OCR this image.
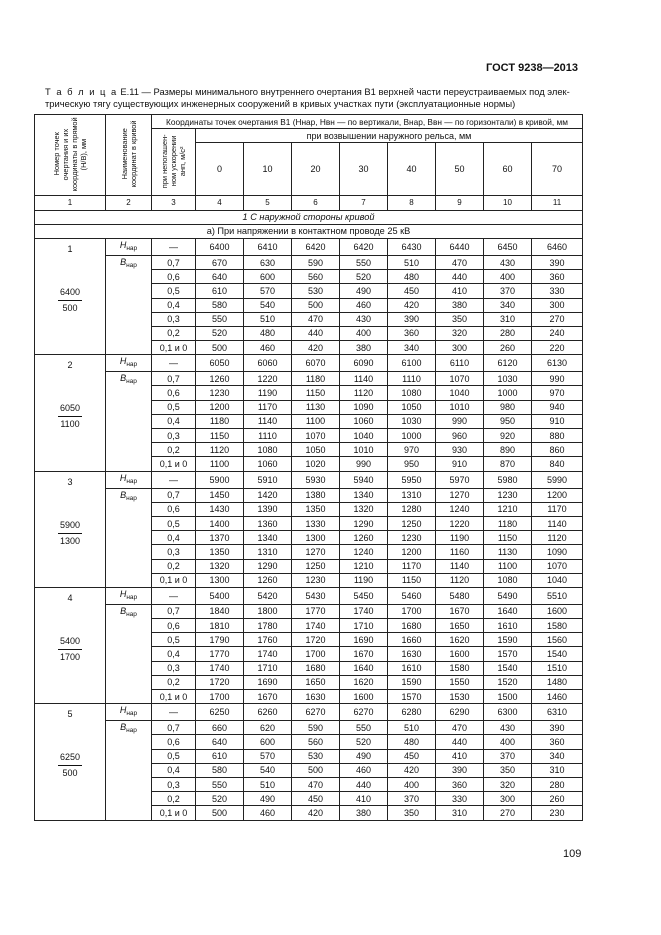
ГОСТ 9238—2013
Т а б л и ц а Е.11 — Размеры минимального внутреннего очертания В1 верхней части переустраиваемых под элек-трическую тягу существующих инженерных сооружений в кривых участках пути (эксплуатационные нормы)
Номер точек очертания и их координаты в прямой (H/B), мм	Наименование координат в кривой	Координаты точек очертания В1 (Hнар, Hвн — по вертикали, Bнар, Bвн — по горизонтали) в кривой, мм								
		при непогашен-ном ускорении aнп, м/с²	при возвышении наружного рельса, мм							
			0	10	20	30	40	50	60	70
1	2	3	4	5	6	7	8	9	10	11
1 С наружной стороны кривой										
а) При напряжении в контактном проводе 25 кВ										

1
$\frac{6400}{500}$	$H_{нар}$	—	6400	6410	6420	6420	6430	6440	6450	6460
	$B_{нар}$	0,7	670	630	590	550	510	470	430	390
		0,6	640	600	560	520	480	440	400	360
		0,5	610	570	530	490	450	410	370	330
		0,4	580	540	500	460	420	380	340	300
		0,3	550	510	470	430	390	350	310	270
		0,2	520	480	440	400	360	320	280	240
		0,1 и 0	500	460	420	380	340	300	260	220

2
$\frac{6050}{1100}$	$H_{нар}$	—	6050	6060	6070	6090	6100	6110	6120	6130
	$B_{нар}$	0,7	1260	1220	1180	1140	1110	1070	1030	990
		0,6	1230	1190	1150	1120	1080	1040	1000	970
		0,5	1200	1170	1130	1090	1050	1010	980	940
		0,4	1180	1140	1100	1060	1030	990	950	910
		0,3	1150	1110	1070	1040	1000	960	920	880
		0,2	1120	1080	1050	1010	970	930	890	860
		0,1 и 0	1100	1060	1020	990	950	910	870	840

3
$\frac{5900}{1300}$	$H_{нар}$	—	5900	5910	5930	5940	5950	5970	5980	5990
	$B_{нар}$	0,7	1450	1420	1380	1340	1310	1270	1230	1200
		0,6	1430	1390	1350	1320	1280	1240	1210	1170
		0,5	1400	1360	1330	1290	1250	1220	1180	1140
		0,4	1370	1340	1300	1260	1230	1190	1150	1120
		0,3	1350	1310	1270	1240	1200	1160	1130	1090
		0,2	1320	1290	1250	1210	1170	1140	1100	1070
		0,1 и 0	1300	1260	1230	1190	1150	1120	1080	1040

4
$\frac{5400}{1700}$	$H_{нар}$	—	5400	5420	5430	5450	5460	5480	5490	5510
	$B_{нар}$	0,7	1840	1800	1770	1740	1700	1670	1640	1600
		0,6	1810	1780	1740	1710	1680	1650	1610	1580
		0,5	1790	1760	1720	1690	1660	1620	1590	1560
		0,4	1770	1740	1700	1670	1630	1600	1570	1540
		0,3	1740	1710	1680	1640	1610	1580	1540	1510
		0,2	1720	1690	1650	1620	1590	1550	1520	1480
		0,1 и 0	1700	1670	1630	1600	1570	1530	1500	1460

5
$\frac{6250}{500}$	$H_{нар}$	—	6250	6260	6270	6270	6280	6290	6300	6310
	$B_{нар}$	0,7	660	620	590	550	510	470	430	390
		0,6	640	600	560	520	480	440	400	360
		0,5	610	570	530	490	450	410	370	340
		0,4	580	540	500	460	420	390	350	310
		0,3	550	510	470	440	400	360	320	280
		0,2	520	490	450	410	370	330	300	260
		0,1 и 0	500	460	420	380	350	310	270	230
109
